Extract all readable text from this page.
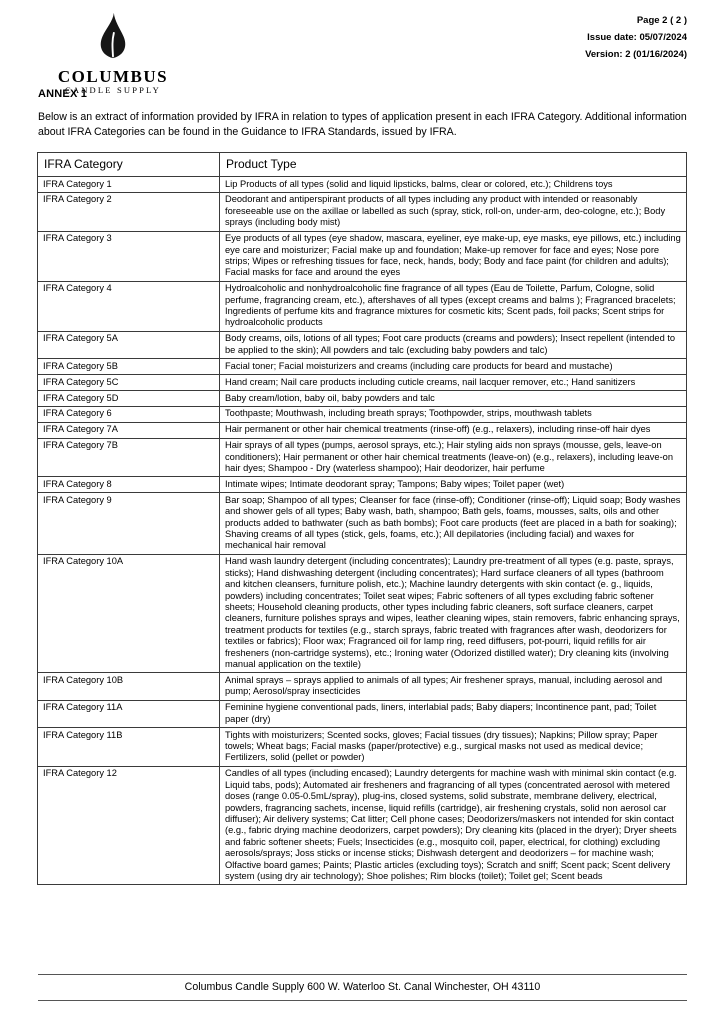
COLUMBUS
CANDLE SUPPLY
Page 2 ( 2 )
Issue date: 05/07/2024
Version: 2 (01/16/2024)
ANNEX 1
Below is an extract of information provided by IFRA in relation to types of application present in each IFRA Category. Additional information about IFRA Categories can be found in the Guidance to IFRA Standards, issued by IFRA.
IFRA Category	Product Type
IFRA Category 1	Lip Products of all types (solid and liquid lipsticks, balms, clear or colored, etc.); Childrens toys
IFRA Category 2	Deodorant and antiperspirant products of all types including any product with intended or reasonably foreseeable use on the axillae or labelled as such (spray, stick, roll-on, under-arm, deo-cologne, etc.); Body sprays (including body mist)
IFRA Category 3	Eye products of all types (eye shadow, mascara, eyeliner, eye make-up, eye masks, eye pillows, etc.) including eye care and moisturizer; Facial make up and foundation; Make-up remover for face and eyes; Nose pore strips; Wipes or refreshing tissues for face, neck, hands, body; Body and face paint (for children and adults); Facial masks for face and around the eyes
IFRA Category 4	Hydroalcoholic and nonhydroalcoholic fine fragrance of all types (Eau de Toilette, Parfum, Cologne, solid perfume, fragrancing cream, etc.), aftershaves of all types (except creams and balms ); Fragranced bracelets; Ingredients of perfume kits and fragrance mixtures for cosmetic kits; Scent pads, foil packs; Scent strips for hydroalcoholic products
IFRA Category 5A	Body creams, oils, lotions of all types; Foot care products (creams and powders); Insect repellent (intended to be applied to the skin); All powders and talc (excluding baby powders and talc)
IFRA Category 5B	Facial toner; Facial moisturizers and creams (including care products for beard and mustache)
IFRA Category 5C	Hand cream; Nail care products including cuticle creams, nail lacquer remover, etc.; Hand sanitizers
IFRA Category 5D	Baby cream/lotion, baby oil, baby powders and talc
IFRA Category 6	Toothpaste; Mouthwash, including breath sprays; Toothpowder, strips, mouthwash tablets
IFRA Category 7A	Hair permanent or other hair chemical treatments (rinse-off) (e.g., relaxers), including rinse-off hair dyes
IFRA Category 7B	Hair sprays of all types (pumps, aerosol sprays, etc.); Hair styling aids non sprays (mousse, gels, leave-on conditioners); Hair permanent or other hair chemical treatments (leave-on) (e.g., relaxers), including leave-on hair dyes; Shampoo - Dry (waterless shampoo); Hair deodorizer, hair perfume
IFRA Category 8	Intimate wipes; Intimate deodorant spray; Tampons; Baby wipes; Toilet paper (wet)
IFRA Category 9	Bar soap; Shampoo of all types; Cleanser for face (rinse-off); Conditioner (rinse-off); Liquid soap; Body washes and shower gels of all types; Baby wash, bath, shampoo; Bath gels, foams, mousses, salts, oils and other products added to bathwater (such as bath bombs); Foot care products (feet are placed in a bath for soaking); Shaving creams of all types (stick, gels, foams, etc.); All depilatories (including facial) and waxes for mechanical hair removal
IFRA Category 10A	Hand wash laundry detergent (including concentrates); Laundry pre-treatment of all types (e.g. paste, sprays, sticks); Hand dishwashing detergent (including concentrates); Hard surface cleaners of all types (bathroom and kitchen cleansers, furniture polish, etc.); Machine laundry detergents with skin contact (e. g., liquids, powders) including concentrates; Toilet seat wipes; Fabric softeners of all types excluding fabric softener sheets; Household cleaning products, other types including fabric cleaners, soft surface cleaners, carpet cleaners, furniture polishes sprays and wipes, leather cleaning wipes, stain removers, fabric enhancing sprays, treatment products for textiles (e.g., starch sprays, fabric treated with fragrances after wash, deodorizers for textiles or fabrics); Floor wax; Fragranced oil for lamp ring, reed diffusers, pot-pourri, liquid refills for air fresheners (non-cartridge systems), etc.; Ironing water (Odorized distilled water); Dry cleaning kits (involving manual application on the textile)
IFRA Category 10B	Animal sprays – sprays applied to animals of all types; Air freshener sprays, manual, including aerosol and pump; Aerosol/spray insecticides
IFRA Category 11A	Feminine hygiene conventional pads, liners, interlabial pads; Baby diapers; Incontinence pant, pad; Toilet paper (dry)
IFRA Category 11B	Tights with moisturizers; Scented socks, gloves; Facial tissues (dry tissues); Napkins; Pillow spray; Paper towels; Wheat bags; Facial masks (paper/protective) e.g., surgical masks not used as medical device; Fertilizers, solid (pellet or powder)
IFRA Category 12	Candles of all types (including encased); Laundry detergents for machine wash with minimal skin contact (e.g. Liquid tabs, pods); Automated air fresheners and fragrancing of all types (concentrated aerosol with metered doses (range 0.05-0.5mL/spray), plug-ins, closed systems, solid substrate, membrane delivery, electrical, powders, fragrancing sachets, incense, liquid refills (cartridge), air freshening crystals, solid non aerosol car diffuser); Air delivery systems; Cat litter; Cell phone cases; Deodorizers/maskers not intended for skin contact (e.g., fabric drying machine deodorizers, carpet powders); Dry cleaning kits (placed in the dryer); Dryer sheets and fabric softener sheets; Fuels; Insecticides (e.g., mosquito coil, paper, electrical, for clothing) excluding aerosols/sprays; Joss sticks or incense sticks; Dishwash detergent and deodorizers – for machine wash; Olfactive board games; Paints; Plastic articles (excluding toys); Scratch and sniff; Scent pack; Scent delivery system (using dry air technology); Shoe polishes; Rim blocks (toilet); Toilet gel; Scent beads
Columbus Candle Supply 600 W. Waterloo St. Canal Winchester, OH 43110
